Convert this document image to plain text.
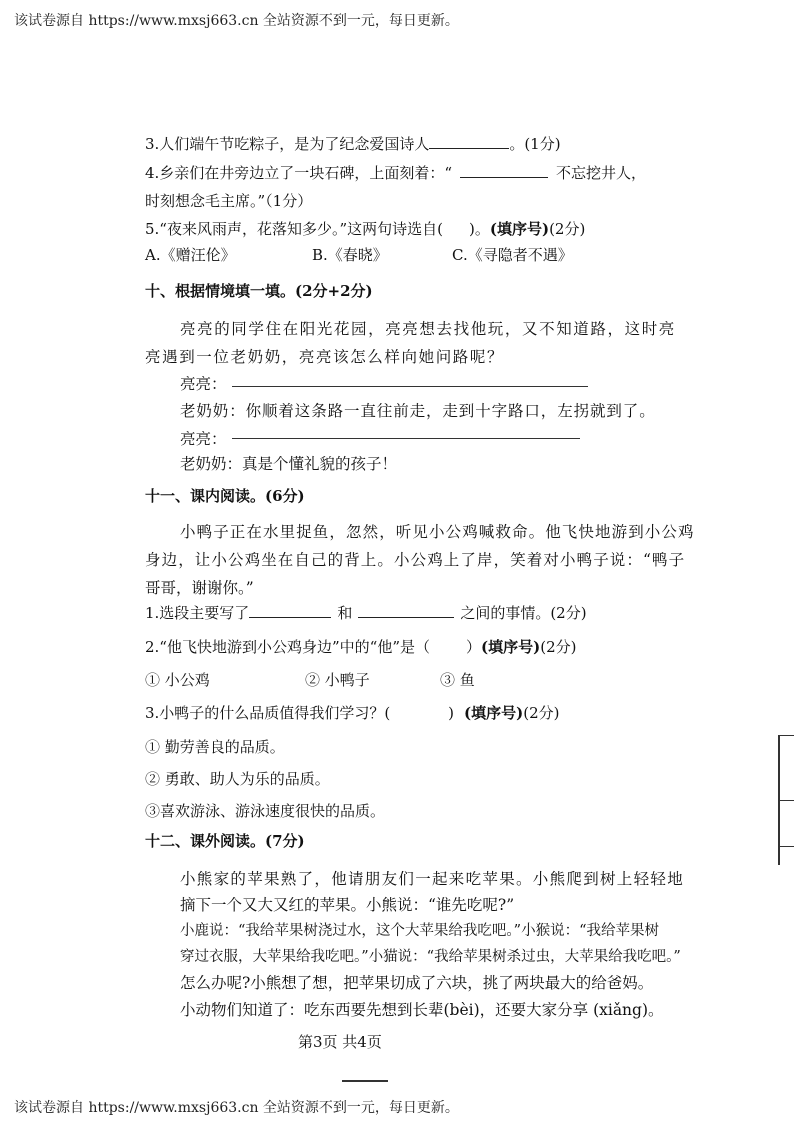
该试卷源自 https://www.mxsj663.cn 全站资源不到一元，每日更新。
3.人们端午节吃粽子，是为了纪念爱国诗人	。(1分)
4.乡亲们在井旁边立了一块石碑，上面刻着：“	不忘挖井人，
时刻想念毛主席。”（1分）
5.“夜来风雨声，花落知多少。”这两句诗选自( )。(填序号)(2分)
A.《赠汪伦》	B.《春晓》	C.《寻隐者不遇》
十、根据情境填一填。(2分+2分)
亮亮的同学住在阳光花园，亮亮想去找他玩，又不知道路，这时亮
亮遇到一位老奶奶，亮亮该怎么样向她问路呢？
亮亮：
老奶奶：你顺着这条路一直往前走，走到十字路口，左拐就到了。
亮亮：
老奶奶：真是个懂礼貌的孩子！
十一、课内阅读。(6分)
小鸭子正在水里捉鱼，忽然，听见小公鸡喊救命。他飞快地游到小公鸡
身边，让小公鸡坐在自己的背上。小公鸡上了岸，笑着对小鸭子说：“鸭子
哥哥，谢谢你。”
1.选段主要写了	和	之间的事情。(2分)
2.“他飞快地游到小公鸡身边”中的“他”是（ ）(填序号)(2分)
① 小公鸡	② 小鸭子	③ 鱼
3.小鸭子的什么品质值得我们学习？(	) (填序号)(2分)
① 勤劳善良的品质。
② 勇敢、助人为乐的品质。
③喜欢游泳、游泳速度很快的品质。
十二、课外阅读。(7分)
小熊家的苹果熟了，他请朋友们一起来吃苹果。小熊爬到树上轻轻地
摘下一个又大又红的苹果。小熊说：“谁先吃呢?”
小鹿说：“我给苹果树浇过水，这个大苹果给我吃吧。”小猴说：“我给苹果树
穿过衣服，大苹果给我吃吧。”小猫说：“我给苹果树杀过虫，大苹果给我吃吧。”
怎么办呢?小熊想了想，把苹果切成了六块，挑了两块最大的给爸妈。
小动物们知道了：吃东西要先想到长辈(bèi)，还要大家分享 (xiǎng)。
第3页 共4页
该试卷源自 https://www.mxsj663.cn 全站资源不到一元，每日更新。
